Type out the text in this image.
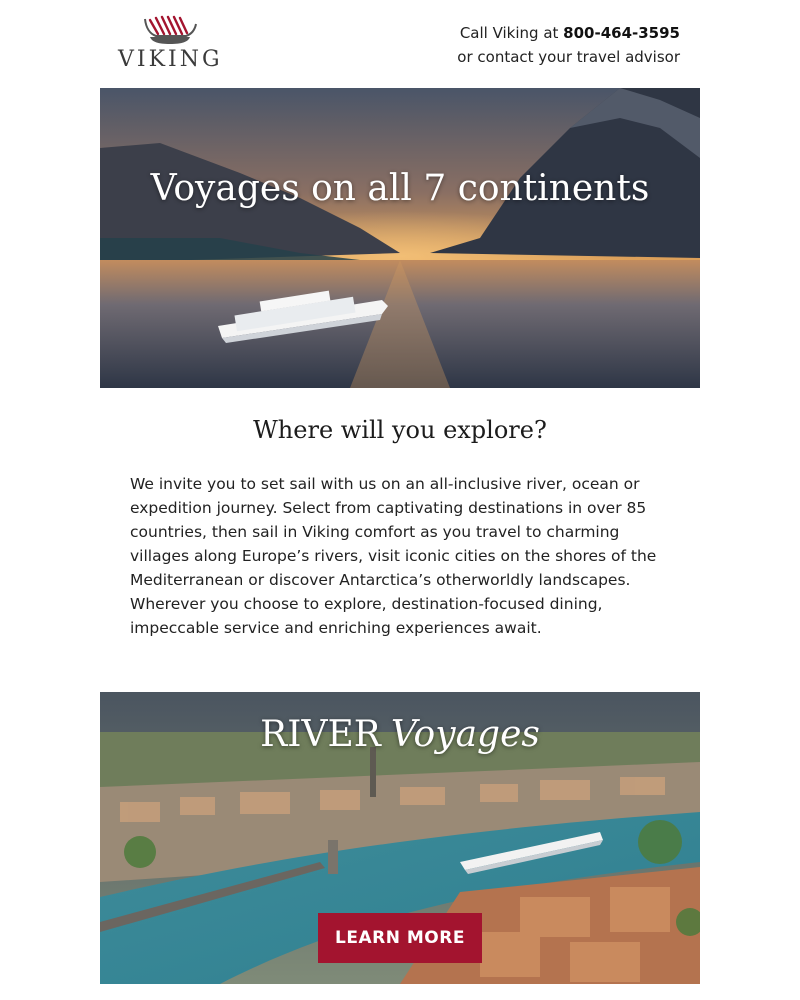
VIKING
Call Viking at 800-464-3595
or contact your travel advisor
Voyages on all 7 continents
Where will you explore?

We invite you to set sail with us on an all-inclusive river, ocean or expedition journey. Select from captivating destinations in over 85 countries, then sail in Viking comfort as you travel to charming villages along Europe’s rivers, visit iconic cities on the shores of the Mediterranean or discover Antarctica’s otherworldly landscapes. Wherever you choose to explore, destination-focused dining, impeccable service and enriching experiences await.

RIVER Voyages
LEARN MORE
